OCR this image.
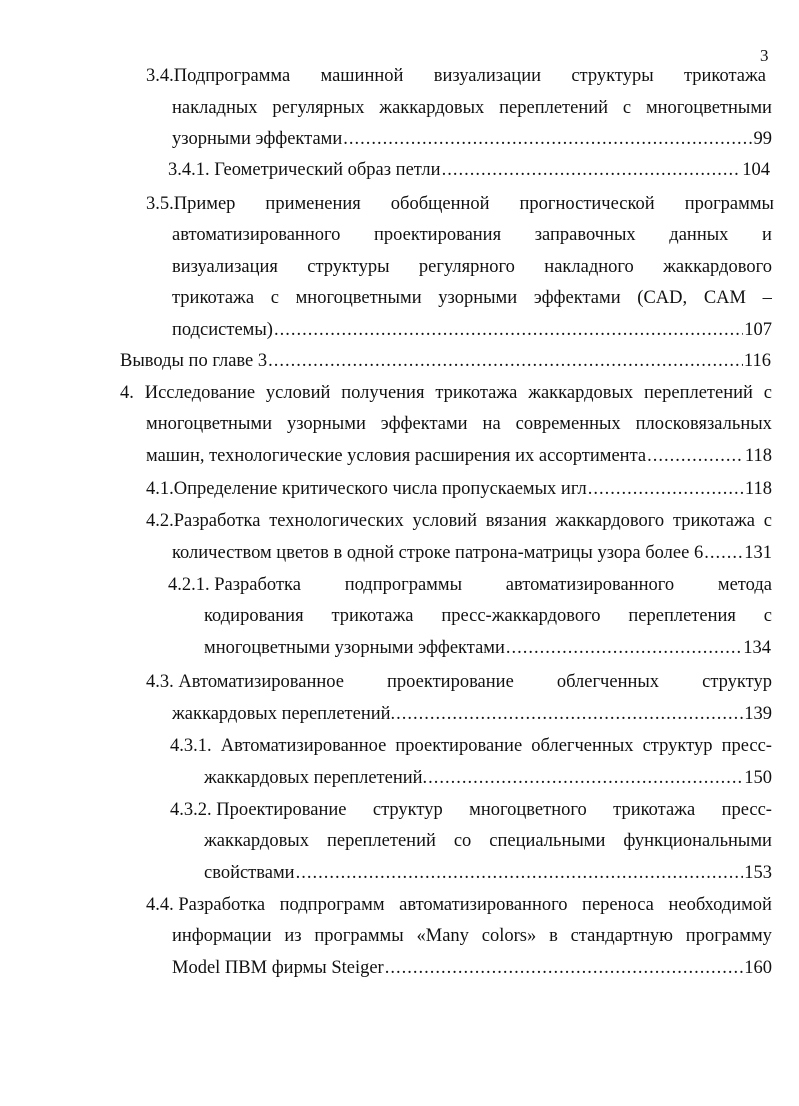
3
3.4.Подпрограмма машинной визуализации структуры трикотажа
накладных регулярных жаккардовых переплетений с многоцветными
узорными эффектами .....	99
3.4.1. Геометрический образ петли .....	104
3.5.Пример применения обобщенной прогностической программы
автоматизированного проектирования заправочных данных и
визуализация структуры регулярного накладного жаккардового
трикотажа с многоцветными узорными эффектами (CAD, CAM –
подсистемы) .....	107
Выводы по главе 3 .....	116
4. Исследование условий получения трикотажа жаккардовых переплетений с
многоцветными узорными эффектами на современных плосковязальных
машин, технологические условия расширения их ассортимента .....	118
4.1.Определение критического числа пропускаемых игл .....	118
4.2.Разработка технологических условий вязания жаккардового трикотажа с
количеством цветов в одной строке патрона-матрицы узора более 6 ..... 131
4.2.1. Разработка подпрограммы автоматизированного метода
кодирования трикотажа пресс-жаккардового переплетения с
многоцветными узорными эффектами .....	134
4.3. Автоматизированное проектирование облегченных структур
жаккардовых переплетений. .....	139
4.3.1. Автоматизированное проектирование облегченных структур пресс-
жаккардовых переплетений. .....	150
4.3.2. Проектирование структур многоцветного трикотажа пресс-
жаккардовых переплетений со специальными функциональными
свойствами .....	153
4.4. Разработка подпрограмм автоматизированного переноса необходимой
информации из программы «Many colors» в стандартную программу
Model ПВМ фирмы Steiger .....	160
